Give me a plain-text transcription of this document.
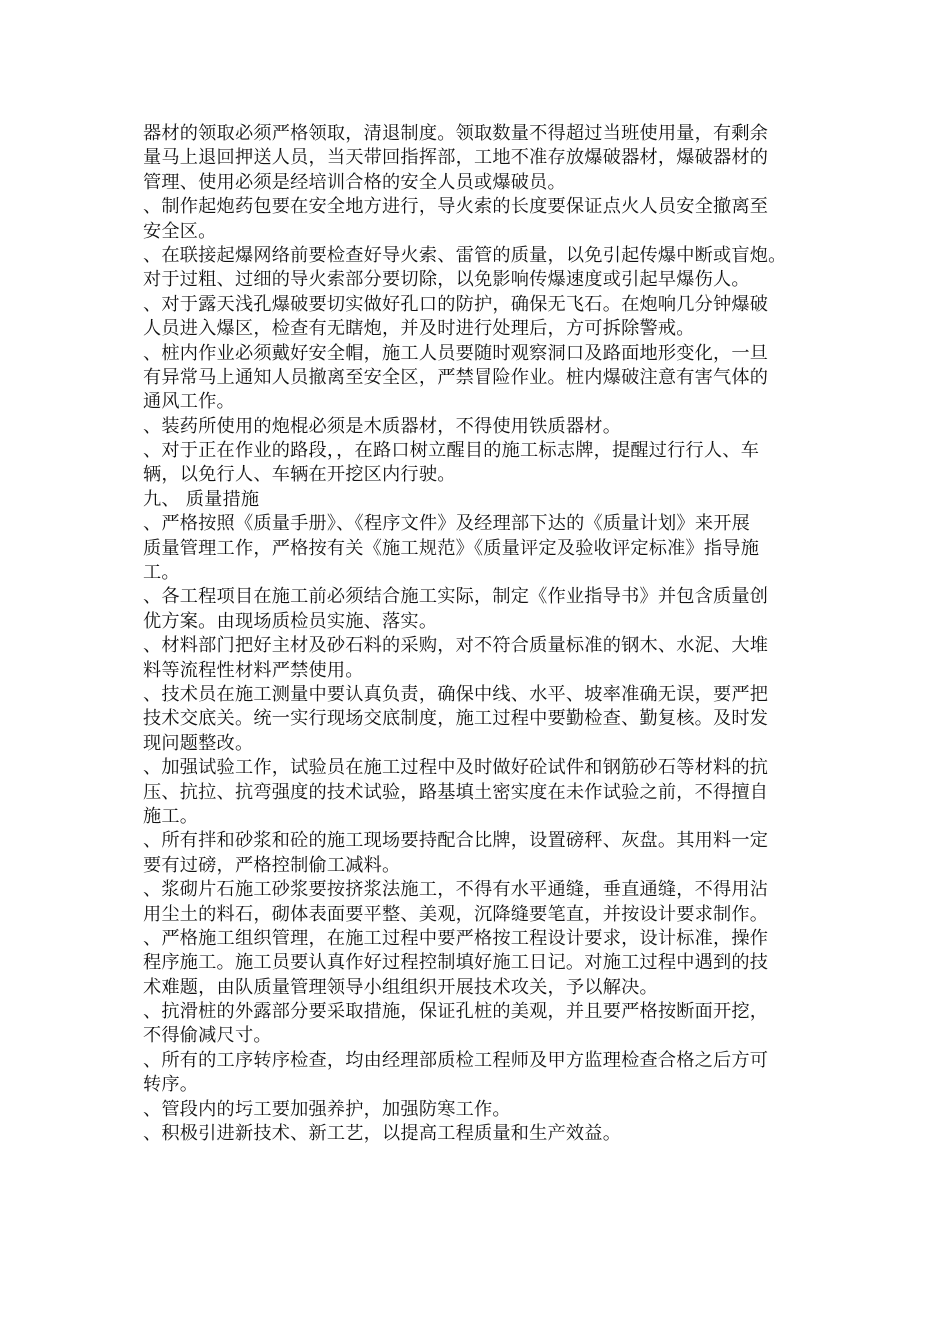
器材的领取必须严格领取，清退制度。领取数量不得超过当班使用量，有剩余
量马上退回押送人员，当天带回指挥部，工地不准存放爆破器材，爆破器材的
管理、使用必须是经培训合格的安全人员或爆破员。
、制作起炮药包要在安全地方进行，导火索的长度要保证点火人员安全撤离至
安全区。
、在联接起爆网络前要检查好导火索、雷管的质量，以免引起传爆中断或盲炮。
对于过粗、过细的导火索部分要切除，以免影响传爆速度或引起早爆伤人。
、对于露天浅孔爆破要切实做好孔口的防护，确保无飞石。在炮响几分钟爆破
人员进入爆区，检查有无瞎炮，并及时进行处理后，方可拆除警戒。
、桩内作业必须戴好安全帽，施工人员要随时观察洞口及路面地形变化，一旦
有异常马上通知人员撤离至安全区，严禁冒险作业。桩内爆破注意有害气体的
通风工作。
、装药所使用的炮棍必须是木质器材，不得使用铁质器材。
、对于正在作业的路段，，在路口树立醒目的施工标志牌，提醒过行行人、车
辆，以免行人、车辆在开挖区内行驶。
九、 质量措施
、严格按照《质量手册》、《程序文件》及经理部下达的《质量计划》来开展
质量管理工作，严格按有关《施工规范》《质量评定及验收评定标准》指导施
工。
、各工程项目在施工前必须结合施工实际，制定《作业指导书》并包含质量创
优方案。由现场质检员实施、落实。
、材料部门把好主材及砂石料的采购，对不符合质量标准的钢木、水泥、大堆
料等流程性材料严禁使用。
、技术员在施工测量中要认真负责，确保中线、水平、坡率准确无误，要严把
技术交底关。统一实行现场交底制度，施工过程中要勤检查、勤复核。及时发
现问题整改。
、加强试验工作，试验员在施工过程中及时做好砼试件和钢筋砂石等材料的抗
压、抗拉、抗弯强度的技术试验，路基填土密实度在未作试验之前，不得擅自
施工。
、所有拌和砂浆和砼的施工现场要持配合比牌，设置磅秤、灰盘。其用料一定
要有过磅，严格控制偷工减料。
、浆砌片石施工砂浆要按挤浆法施工，不得有水平通缝，垂直通缝，不得用沾
用尘土的料石，砌体表面要平整、美观，沉降缝要笔直，并按设计要求制作。
、严格施工组织管理，在施工过程中要严格按工程设计要求，设计标准，操作
程序施工。施工员要认真作好过程控制填好施工日记。对施工过程中遇到的技
术难题，由队质量管理领导小组组织开展技术攻关，予以解决。
、抗滑桩的外露部分要采取措施，保证孔桩的美观，并且要严格按断面开挖，
不得偷减尺寸。
、所有的工序转序检查，均由经理部质检工程师及甲方监理检查合格之后方可
转序。
、管段内的圬工要加强养护，加强防寒工作。
、积极引进新技术、新工艺，以提高工程质量和生产效益。
